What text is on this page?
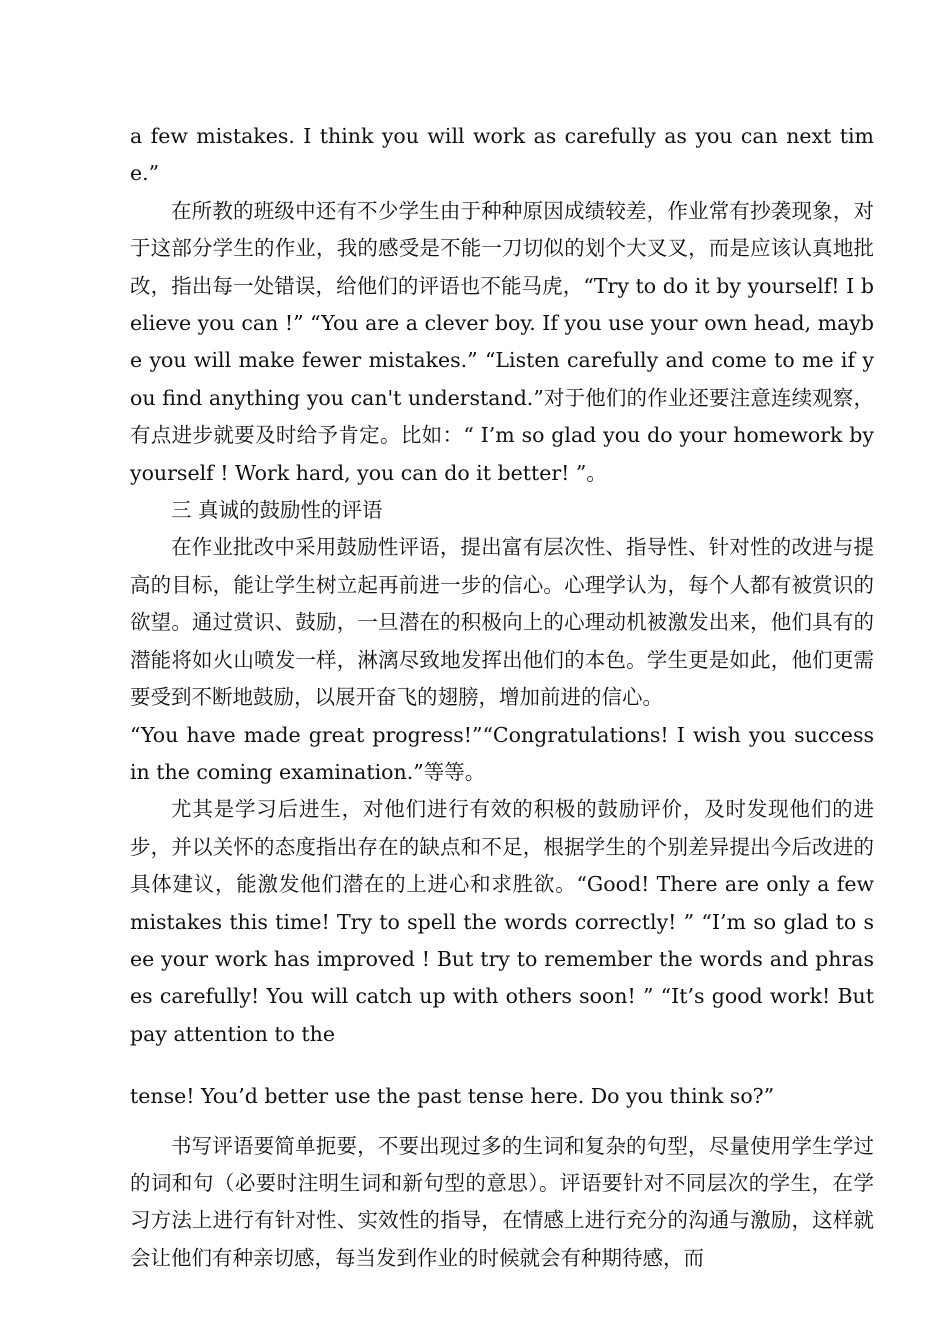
a few mistakes. I think you will work as carefully as you can next time.”

在所教的班级中还有不少学生由于种种原因成绩较差，作业常有抄袭现象，对于这部分学生的作业，我的感受是不能一刀切似的划个大叉叉，而是应该认真地批改，指出每一处错误，给他们的评语也不能马虎，“Try to do it by yourself! I believe you can !” “You are a clever boy. If you use your own head, maybe you will make fewer mistakes.” “Listen carefully and come to me if you find anything you can't understand.”对于他们的作业还要注意连续观察，有点进步就要及时给予肯定。比如：“ I’m so glad you do your homework by yourself ! Work hard, you can do it better! ”。

三 真诚的鼓励性的评语

在作业批改中采用鼓励性评语，提出富有层次性、指导性、针对性的改进与提高的目标，能让学生树立起再前进一步的信心。心理学认为，每个人都有被赏识的欲望。通过赏识、鼓励，一旦潜在的积极向上的心理动机被激发出来，他们具有的潜能将如火山喷发一样，淋漓尽致地发挥出他们的本色。学生更是如此，他们更需要受到不断地鼓励，以展开奋飞的翅膀，增加前进的信心。

“You have made great progress!”“Congratulations! I wish you success in the coming examination.”等等。

尤其是学习后进生，对他们进行有效的积极的鼓励评价，及时发现他们的进步，并以关怀的态度指出存在的缺点和不足，根据学生的个别差异提出今后改进的具体建议，能激发他们潜在的上进心和求胜欲。“Good! There are only a few mistakes this time! Try to spell the words correctly! ” “I’m so glad to see your work has improved ! But try to remember the words and phrases carefully! You will catch up with others soon! ” “It’s good work! But pay attention to the

tense! You’d better use the past tense here. Do you think so?”

书写评语要简单扼要，不要出现过多的生词和复杂的句型，尽量使用学生学过的词和句（必要时注明生词和新句型的意思）。评语要针对不同层次的学生，在学习方法上进行有针对性、实效性的指导，在情感上进行充分的沟通与激励，这样就会让他们有种亲切感，每当发到作业的时候就会有种期待感，而
